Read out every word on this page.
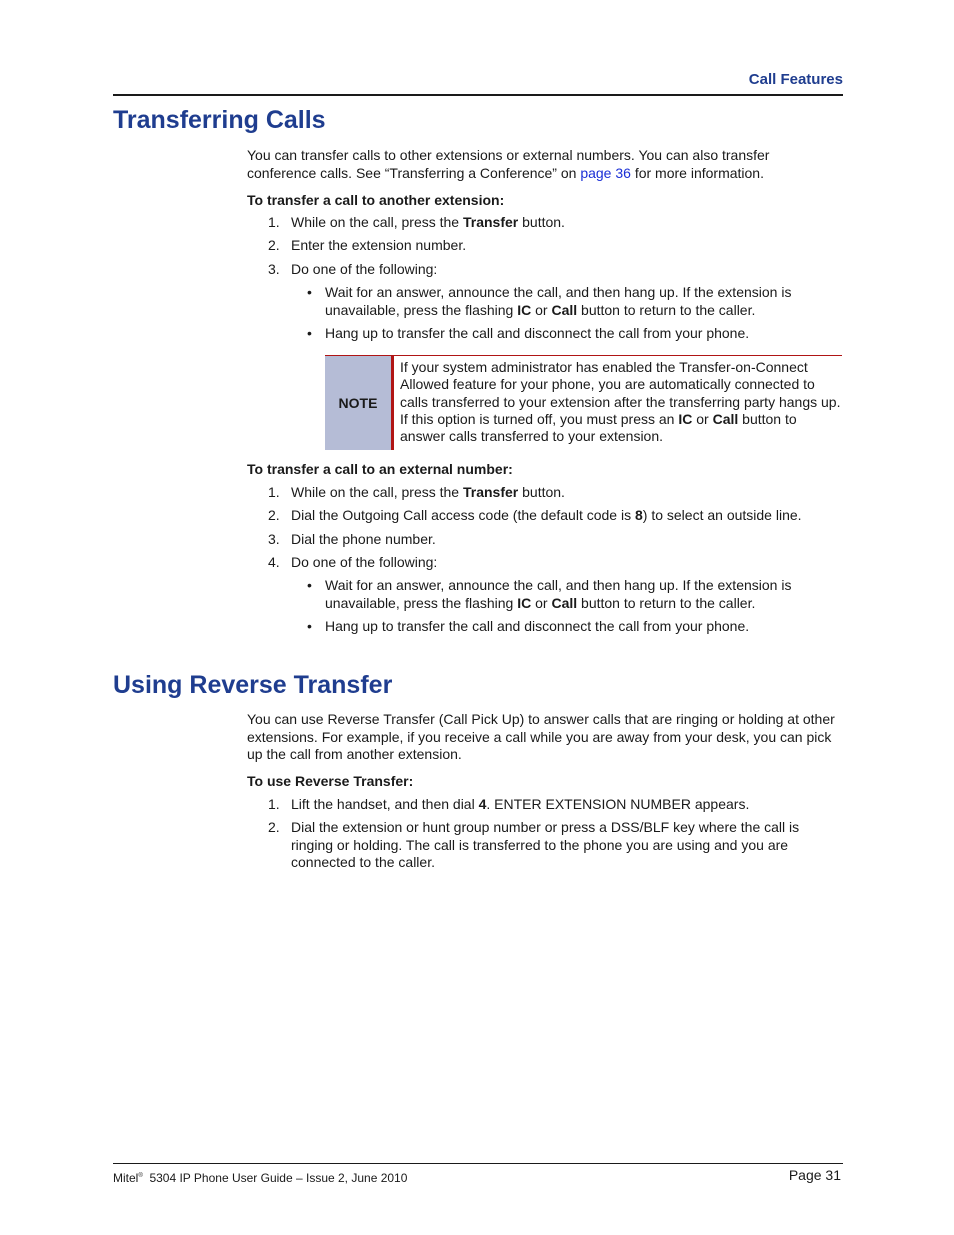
Call Features
Transferring Calls

You can transfer calls to other extensions or external numbers. You can also transfer
conference calls. See “Transferring a Conference” on page 36 for more information.

To transfer a call to another extension:

1. While on the call, press the Transfer button.
2. Enter the extension number.
3. Do one of the following:
• Wait for an answer, announce the call, and then hang up. If the extension is
unavailable, press the flashing IC or Call button to return to the caller.
• Hang up to transfer the call and disconnect the call from your phone.
NOTE
If your system administrator has enabled the Transfer-on-Connect
Allowed feature for your phone, you are automatically connected to
calls transferred to your extension after the transferring party hangs up.
If this option is turned off, you must press an IC or Call button to
answer calls transferred to your extension.

To transfer a call to an external number:

1. While on the call, press the Transfer button.
2. Dial the Outgoing Call access code (the default code is 8) to select an outside line.
3. Dial the phone number.
4. Do one of the following:
• Wait for an answer, announce the call, and then hang up. If the extension is
unavailable, press the flashing IC or Call button to return to the caller.
• Hang up to transfer the call and disconnect the call from your phone.
Using Reverse Transfer

You can use Reverse Transfer (Call Pick Up) to answer calls that are ringing or holding at other
extensions. For example, if you receive a call while you are away from your desk, you can pick
up the call from another extension.

To use Reverse Transfer:

1. Lift the handset, and then dial 4. ENTER EXTENSION NUMBER appears.
2. Dial the extension or hunt group number or press a DSS/BLF key where the call is
ringing or holding. The call is transferred to the phone you are using and you are
connected to the caller.
Mitel® 5304 IP Phone User Guide – Issue 2, June 2010	Page 31
